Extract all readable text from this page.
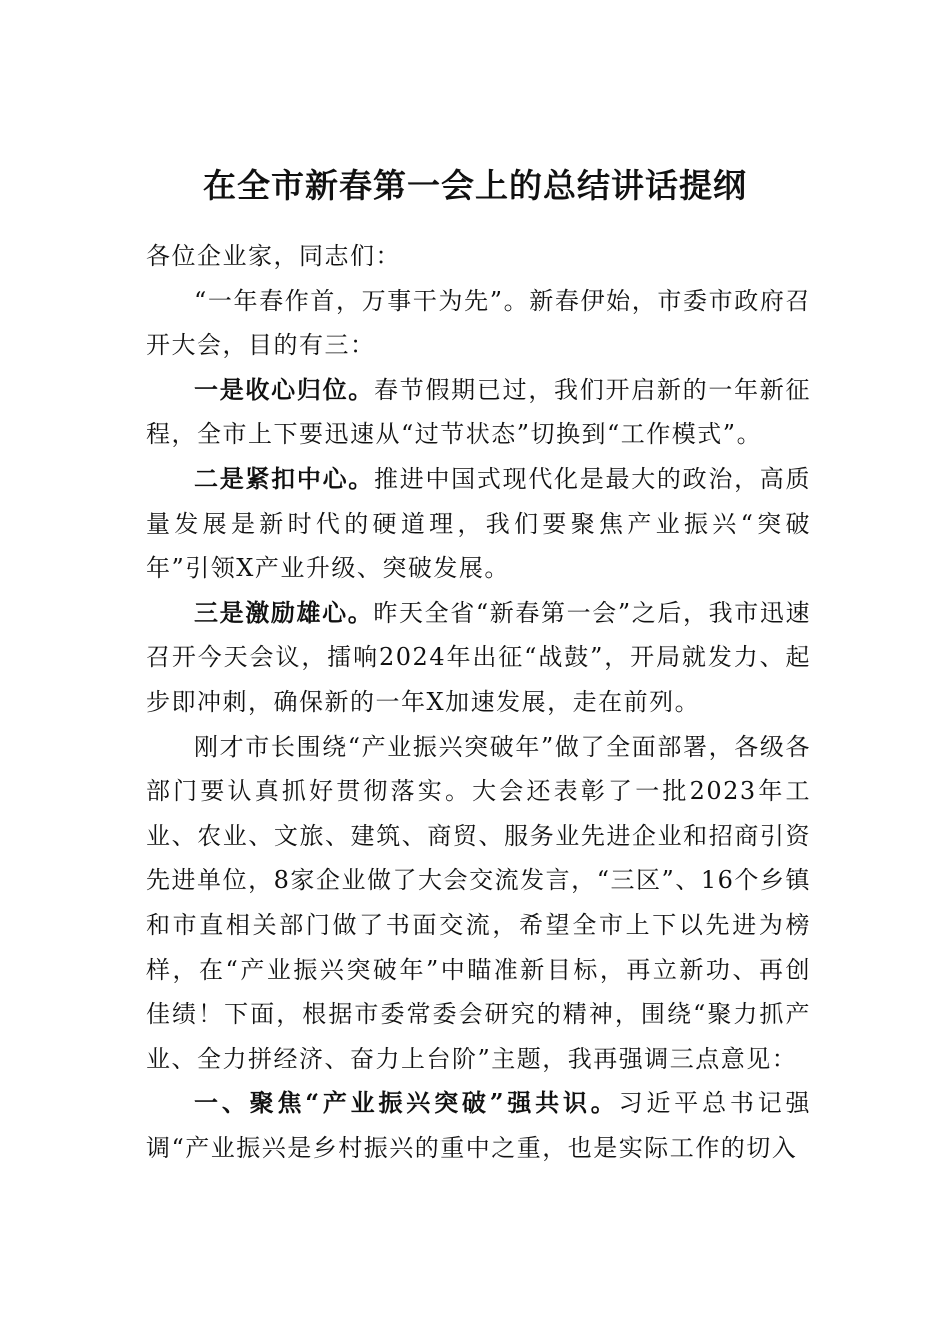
在全市新春第一会上的总结讲话提纲

各位企业家，同志们：

“一年春作首，万事干为先”。新春伊始，市委市政府召开大会，目的有三：

一是收心归位。春节假期已过，我们开启新的一年新征程，全市上下要迅速从“过节状态”切换到“工作模式”。

二是紧扣中心。推进中国式现代化是最大的政治，高质量发展是新时代的硬道理，我们要聚焦产业振兴“突破年”引领X产业升级、突破发展。

三是激励雄心。昨天全省“新春第一会”之后，我市迅速召开今天会议，擂响2024年出征“战鼓”，开局就发力、起步即冲刺，确保新的一年X加速发展，走在前列。

刚才市长围绕“产业振兴突破年”做了全面部署，各级各部门要认真抓好贯彻落实。大会还表彰了一批2023年工业、农业、文旅、建筑、商贸、服务业先进企业和招商引资先进单位，8家企业做了大会交流发言，“三区”、16个乡镇和市直相关部门做了书面交流，希望全市上下以先进为榜样，在“产业振兴突破年”中瞄准新目标，再立新功、再创佳绩！下面，根据市委常委会研究的精神，围绕“聚力抓产业、全力拼经济、奋力上台阶”主题，我再强调三点意见：

一、聚焦“产业振兴突破”强共识。习近平总书记强调“产业振兴是乡村振兴的重中之重，也是实际工作的切入
